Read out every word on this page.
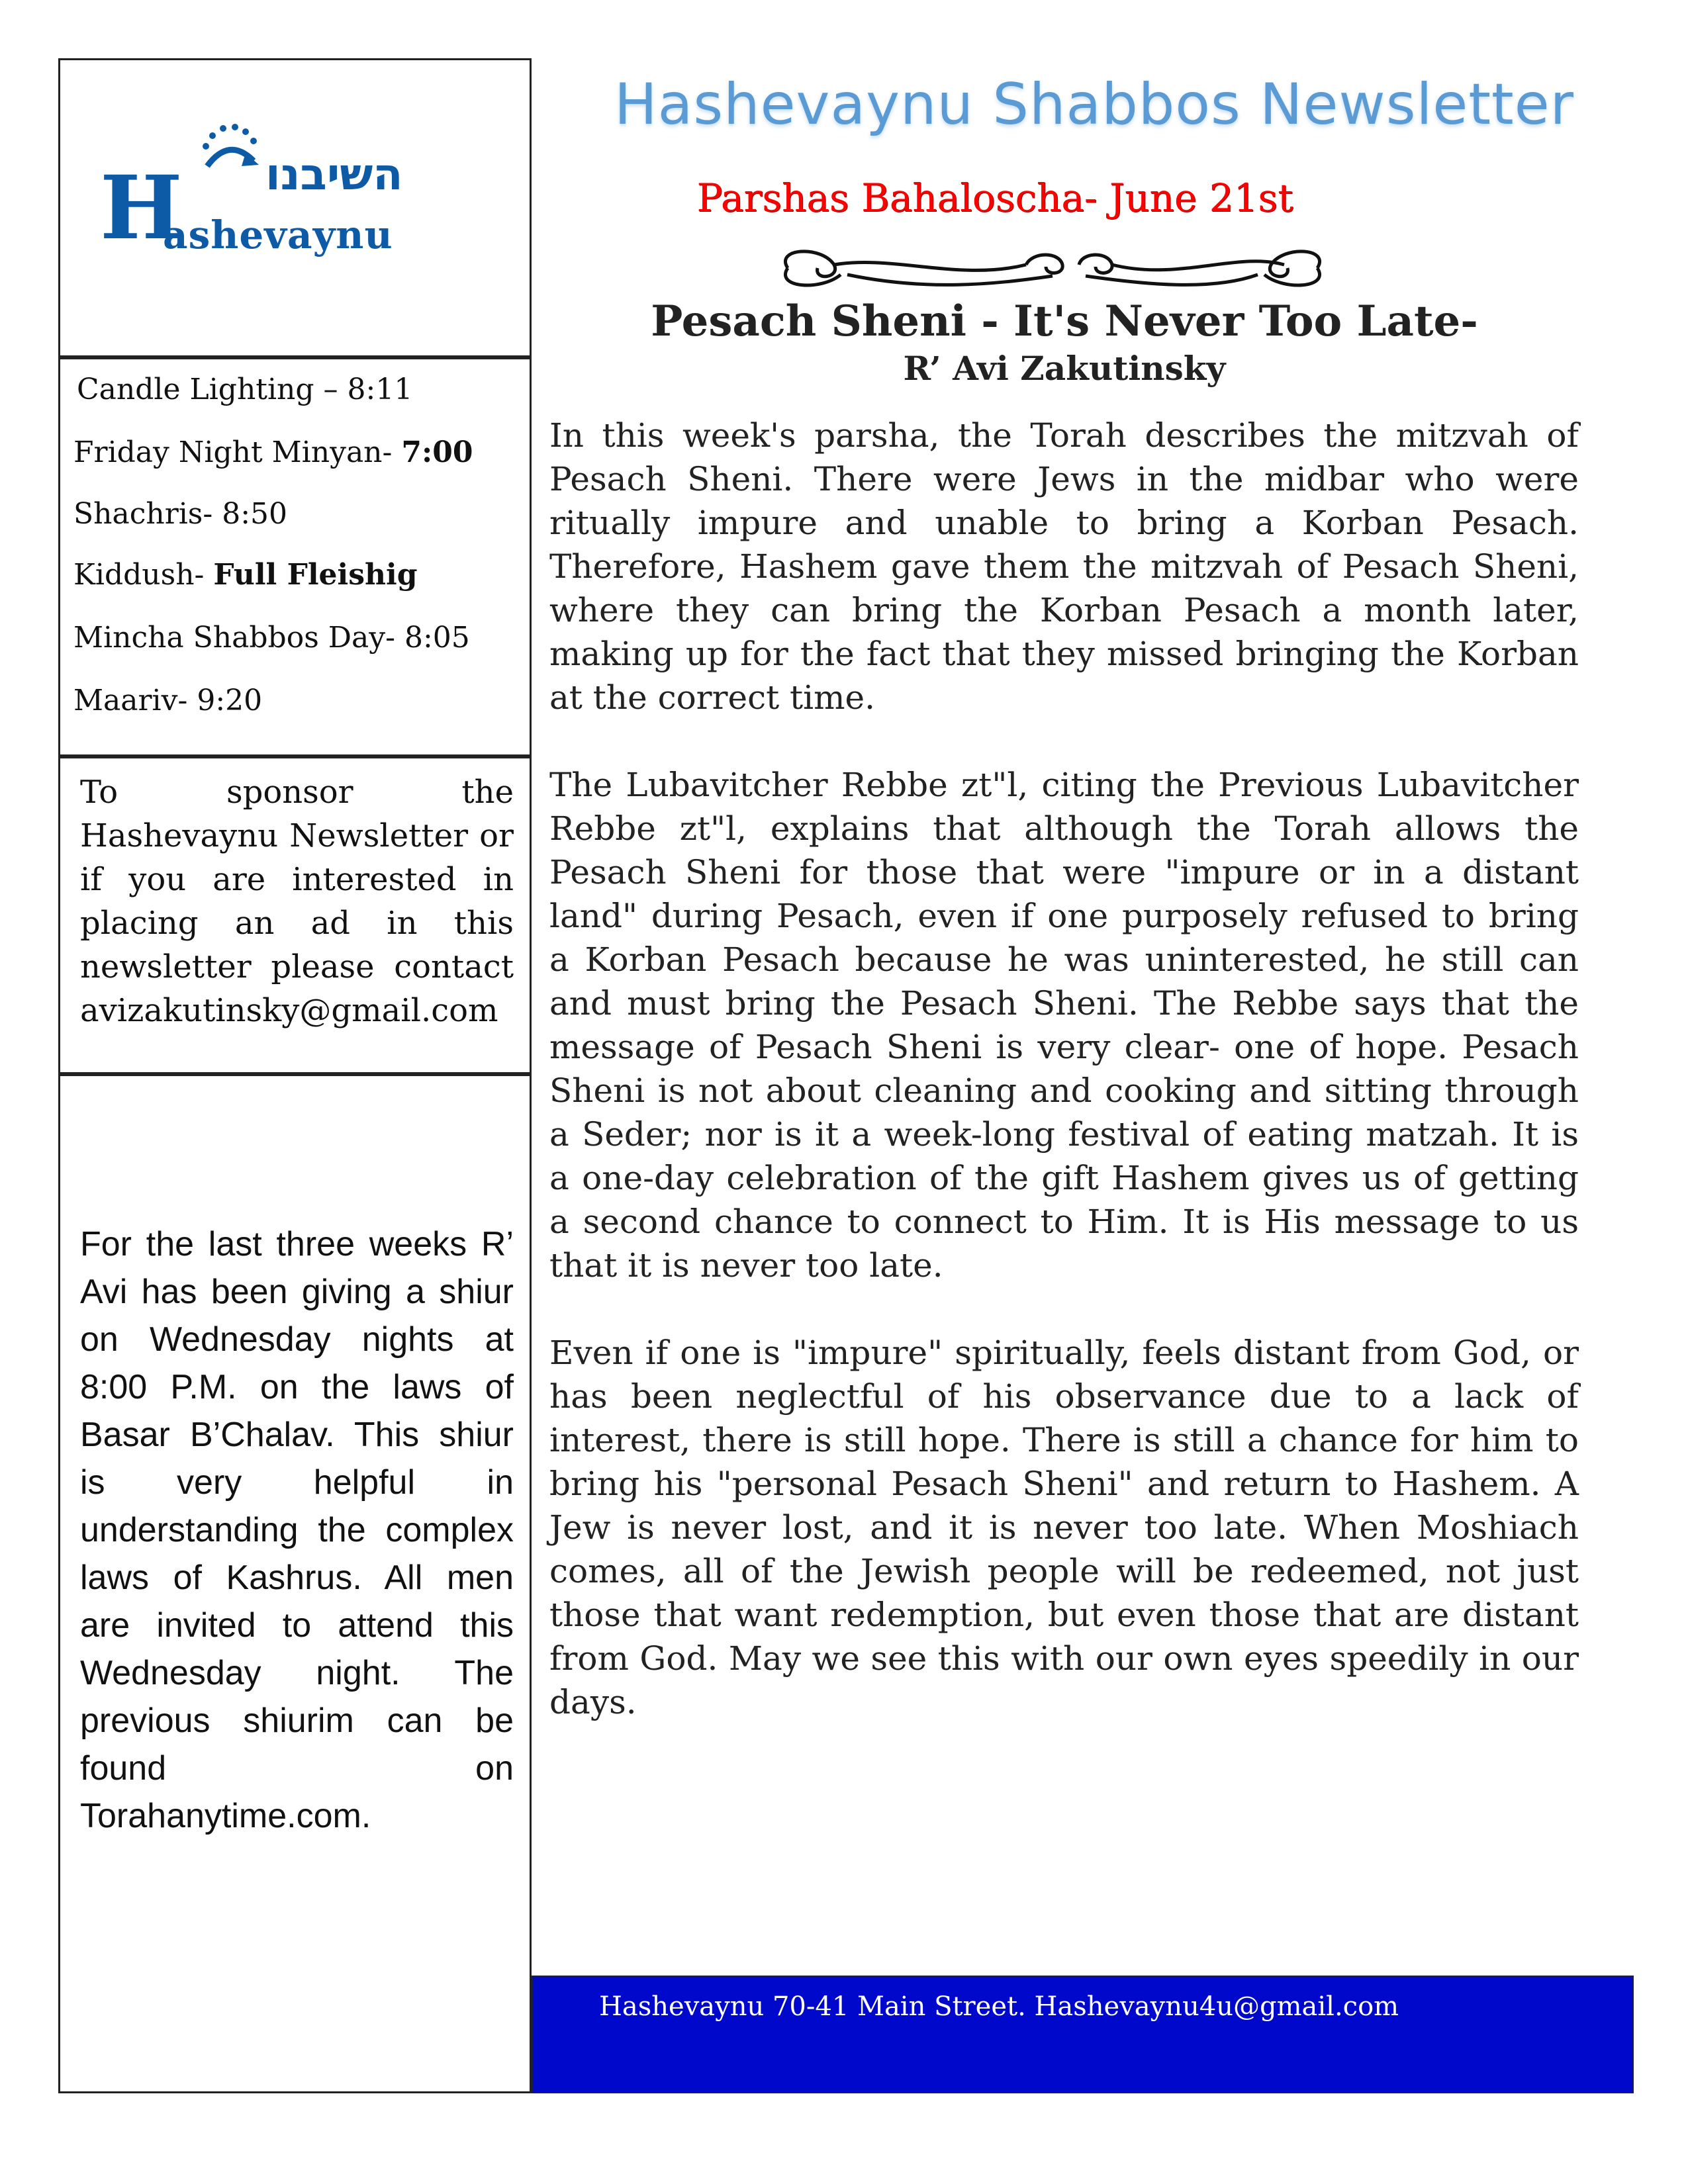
השיבנו
H
ashevaynu
Candle Lighting – 8:11
Friday Night Minyan- 7:00
Shachris- 8:50
Kiddush- Full Fleishig
Mincha Shabbos Day- 8:05
Maariv- 9:20
To sponsor the Hashevaynu Newsletter or if you are interested in placing an ad in this newsletter please contact avizakutinsky@gmail.com
For the last three weeks R’ Avi has been giving a shiur on Wednesday nights at 8:00 P.M. on the laws of Basar B’Chalav. This shiur is very helpful in understanding the complex laws of Kashrus. All men are invited to attend this Wednesday night. The previous shiurim can be found on Torahanytime.com.
Hashevaynu Shabbos Newsletter
Parshas Bahaloscha- June 21st
Pesach Sheni - It's Never Too Late-
R’ Avi Zakutinsky

In this week's parsha, the Torah describes the mitzvah of Pesach Sheni. There were Jews in the midbar who were ritually impure and unable to bring a Korban Pesach. Therefore, Hashem gave them the mitzvah of Pesach Sheni, where they can bring the Korban Pesach a month later, making up for the fact that they missed bringing the Korban at the correct time.

The Lubavitcher Rebbe zt"l, citing the Previous Lubavitcher Rebbe zt"l, explains that although the Torah allows the Pesach Sheni for those that were "impure or in a distant land" during Pesach, even if one purposely refused to bring a Korban Pesach because he was uninterested, he still can and must bring the Pesach Sheni. The Rebbe says that the message of Pesach Sheni is very clear- one of hope. Pesach Sheni is not about cleaning and cooking and sitting through a Seder; nor is it a week-long festival of eating matzah. It is a one-day celebration of the gift Hashem gives us of getting a second chance to connect to Him. It is His message to us that it is never too late.

Even if one is "impure" spiritually, feels distant from God, or has been neglectful of his observance due to a lack of interest, there is still hope. There is still a chance for him to bring his "personal Pesach Sheni" and return to Hashem. A Jew is never lost, and it is never too late. When Moshiach comes, all of the Jewish people will be redeemed, not just those that want redemption, but even those that are distant from God. May we see this with our own eyes speedily in our days.

Hashevaynu 70-41 Main Street. Hashevaynu4u@gmail.com
